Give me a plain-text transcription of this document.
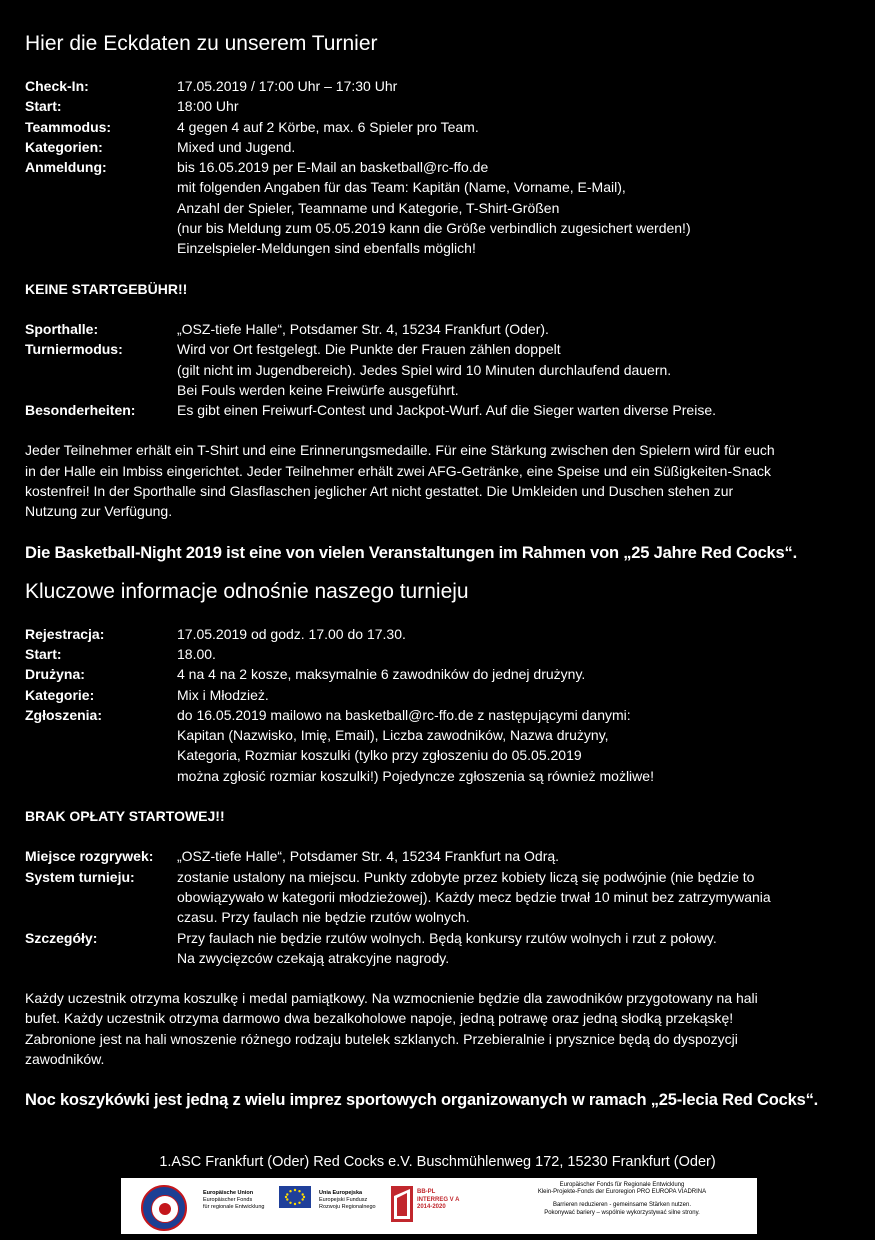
Hier die Eckdaten zu unserem Turnier
Check-In:	17.05.2019 / 17:00 Uhr – 17:30 Uhr
Start:	18:00 Uhr
Teammodus:	4 gegen 4 auf 2 Körbe, max. 6 Spieler pro Team.
Kategorien:	Mixed und Jugend.
Anmeldung:	bis 16.05.2019 per E-Mail an basketball@rc-ffo.de
mit folgenden Angaben für das Team: Kapitän (Name, Vorname, E-Mail),
Anzahl der Spieler, Teamname und Kategorie, T-Shirt-Größen
(nur bis Meldung zum 05.05.2019 kann die Größe verbindlich zugesichert werden!)
Einzelspieler-Meldungen sind ebenfalls möglich!
KEINE STARTGEBÜHR!!
Sporthalle:	„OSZ-tiefe Halle“, Potsdamer Str. 4, 15234 Frankfurt (Oder).
Turniermodus:	Wird vor Ort festgelegt. Die Punkte der Frauen zählen doppelt
(gilt nicht im Jugendbereich). Jedes Spiel wird 10 Minuten durchlaufend dauern.
Bei Fouls werden keine Freiwürfe ausgeführt.
Besonderheiten:	Es gibt einen Freiwurf-Contest und Jackpot-Wurf. Auf die Sieger warten diverse Preise.
Jeder Teilnehmer erhält ein T-Shirt und eine Erinnerungsmedaille. Für eine Stärkung zwischen den Spielern wird für euch
in der Halle ein Imbiss eingerichtet. Jeder Teilnehmer erhält zwei AFG-Getränke, eine Speise und ein Süßigkeiten-Snack
kostenfrei! In der Sporthalle sind Glasflaschen jeglicher Art nicht gestattet. Die Umkleiden und Duschen stehen zur
Nutzung zur Verfügung.
Die Basketball-Night 2019 ist eine von vielen Veranstaltungen im Rahmen von „25 Jahre Red Cocks“.
Kluczowe informacje odnośnie naszego turnieju
Rejestracja:	17.05.2019 od godz. 17.00 do 17.30.
Start:	18.00.
Drużyna:	4 na 4 na 2 kosze, maksymalnie 6 zawodników do jednej drużyny.
Kategorie:	Mix i Młodzież.
Zgłoszenia:	do 16.05.2019 mailowo na basketball@rc-ffo.de z następującymi danymi:
Kapitan (Nazwisko, Imię, Email), Liczba zawodników, Nazwa drużyny,
Kategoria, Rozmiar koszulki (tylko przy zgłoszeniu do 05.05.2019
można zgłosić rozmiar koszulki!) Pojedyncze zgłoszenia są również możliwe!
BRAK OPŁATY STARTOWEJ!!
Miejsce rozgrywek:	„OSZ-tiefe Halle“, Potsdamer Str. 4, 15234 Frankfurt na Odrą.
System turnieju:	zostanie ustalony na miejscu. Punkty zdobyte przez kobiety liczą się podwójnie (nie będzie to
obowiązywało w kategorii młodzieżowej). Każdy mecz będzie trwał 10 minut bez zatrzymywania
czasu. Przy faulach nie będzie rzutów wolnych.
Szczegóły:	Przy faulach nie będzie rzutów wolnych. Będą konkursy rzutów wolnych i rzut z połowy.
Na zwycięzców czekają atrakcyjne nagrody.
Każdy uczestnik otrzyma koszulkę i medal pamiątkowy. Na wzmocnienie będzie dla zawodników przygotowany na hali
bufet. Każdy uczestnik otrzyma darmowo dwa bezalkoholowe napoje, jedną potrawę oraz jedną słodką przekąskę!
Zabronione jest na hali wnoszenie różnego rodzaju butelek szklanych. Przebieralnie i prysznice będą do dyspozycji
zawodników.
Noc koszykówki jest jedną z wielu imprez sportowych organizowanych w ramach „25-lecia Red Cocks“.
1.ASC Frankfurt (Oder) Red Cocks e.V. Buschmühlenweg 172, 15230 Frankfurt (Oder)
Europäische Union
Europäischer Fonds
für regionale Entwicklung
Unia Europejska
Europejski Fundusz
Rozwoju Regionalnego
BB-PL
INTERREG V A
2014-2020
Europäischer Fonds für Regionale Entwicklung
Klein-Projekte-Fonds der Euroregion PRO EUROPA VIADRINA
Barrieren reduzieren - gemeinsame Stärken nutzen.
Pokonywać bariery – wspólnie wykorzystywać silne strony.
